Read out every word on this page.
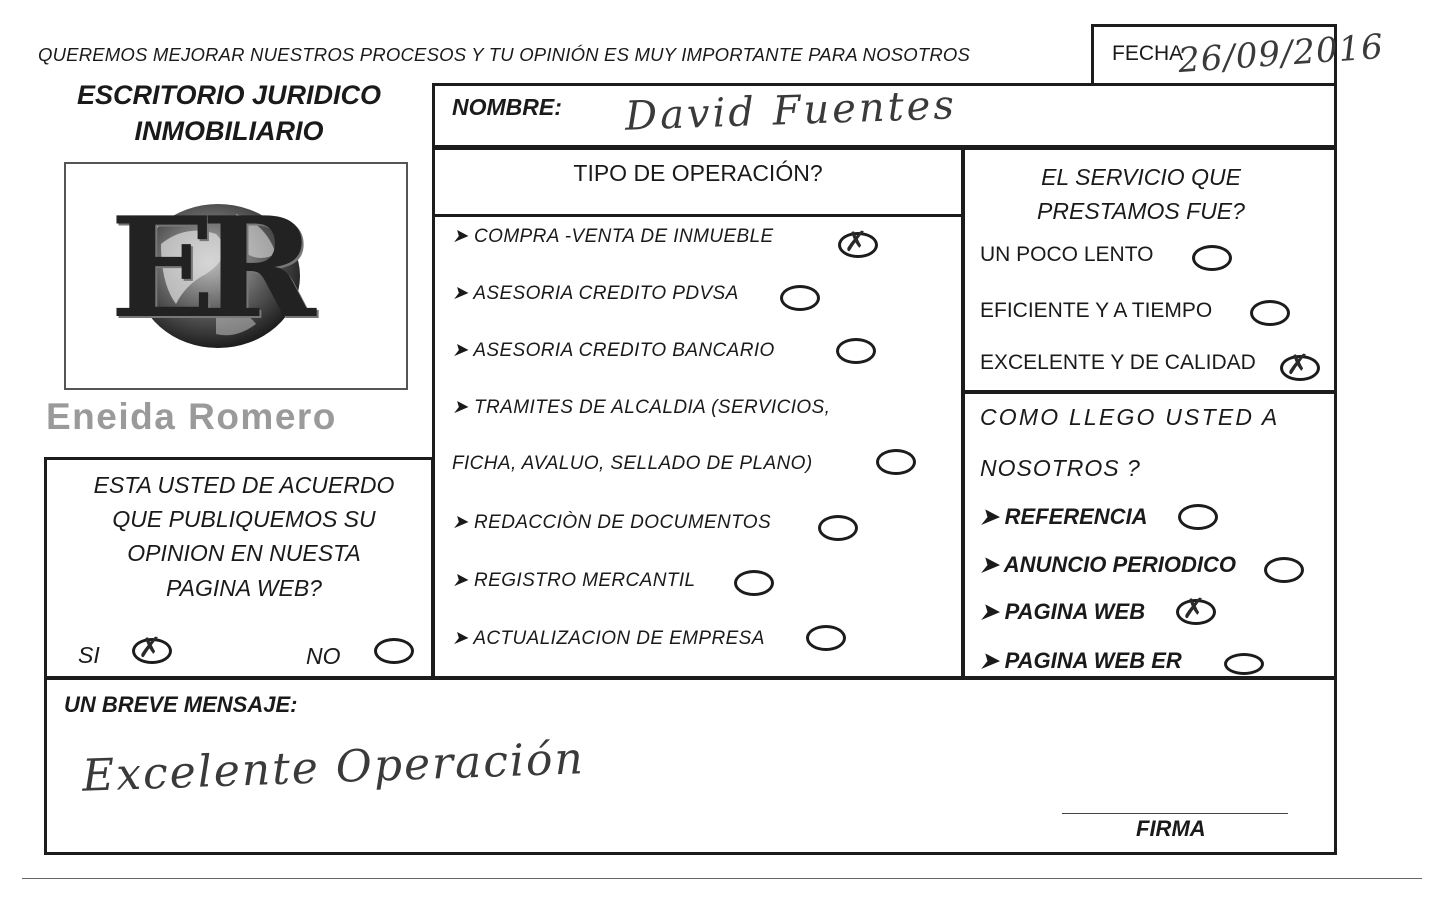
QUEREMOS MEJORAR NUESTROS PROCESOS Y TU OPINIÓN ES MUY IMPORTANTE PARA NOSOTROS	FECHA
26/09/2016
ESCRITORIO JURIDICO
INMOBILIARIO
ER
Eneida Romero
NOMBRE: David Fuentes
TIPO DE OPERACIÓN?
➤ COMPRA -VENTA DE INMUEBLE	✗
➤ ASESORIA CREDITO PDVSA
➤ ASESORIA CREDITO BANCARIO
➤ TRAMITES DE ALCALDIA (SERVICIOS,
FICHA, AVALUO, SELLADO DE PLANO)
➤ REDACCIÒN DE DOCUMENTOS
➤ REGISTRO MERCANTIL
➤ ACTUALIZACION DE EMPRESA
EL SERVICIO QUE
PRESTAMOS FUE?
UN POCO LENTO
EFICIENTE Y A TIEMPO
EXCELENTE Y DE CALIDAD ✗
COMO LLEGO USTED A
NOSOTROS ?
➤ REFERENCIA
➤ ANUNCIO PERIODICO
➤ PAGINA WEB ✗
➤ PAGINA WEB ER
ESTA USTED DE ACUERDO
QUE PUBLIQUEMOS SU
OPINION EN NUESTA
PAGINA WEB?
SI ✗	NO
UN BREVE MENSAJE:
Excelente Operación
FIRMA
